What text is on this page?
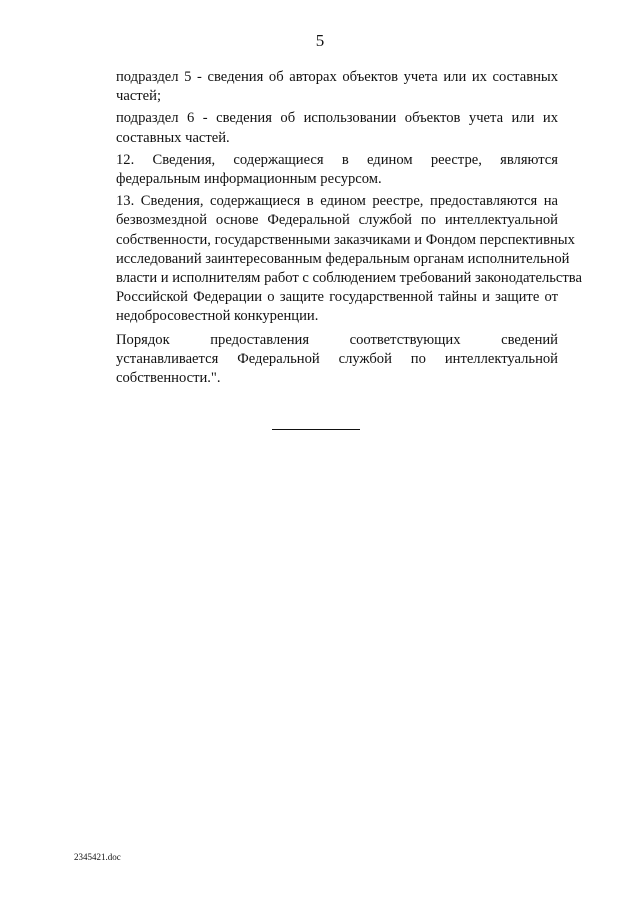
5

подраздел 5 - сведения об авторах объектов учета или их составных
частей;

подраздел 6 - сведения об использовании объектов учета или их
составных частей.

12. Сведения, содержащиеся в едином реестре, являются
федеральным информационным ресурсом.

13. Сведения, содержащиеся в едином реестре, предоставляются на
безвозмездной основе Федеральной службой по интеллектуальной
собственности, государственными заказчиками и Фондом перспективных
исследований заинтересованным федеральным органам исполнительной
власти и исполнителям работ с соблюдением требований законодательства
Российской Федерации о защите государственной тайны и защите от
недобросовестной конкуренции.

Порядок предоставления соответствующих сведений
устанавливается Федеральной службой по интеллектуальной
собственности.".

2345421.doc
